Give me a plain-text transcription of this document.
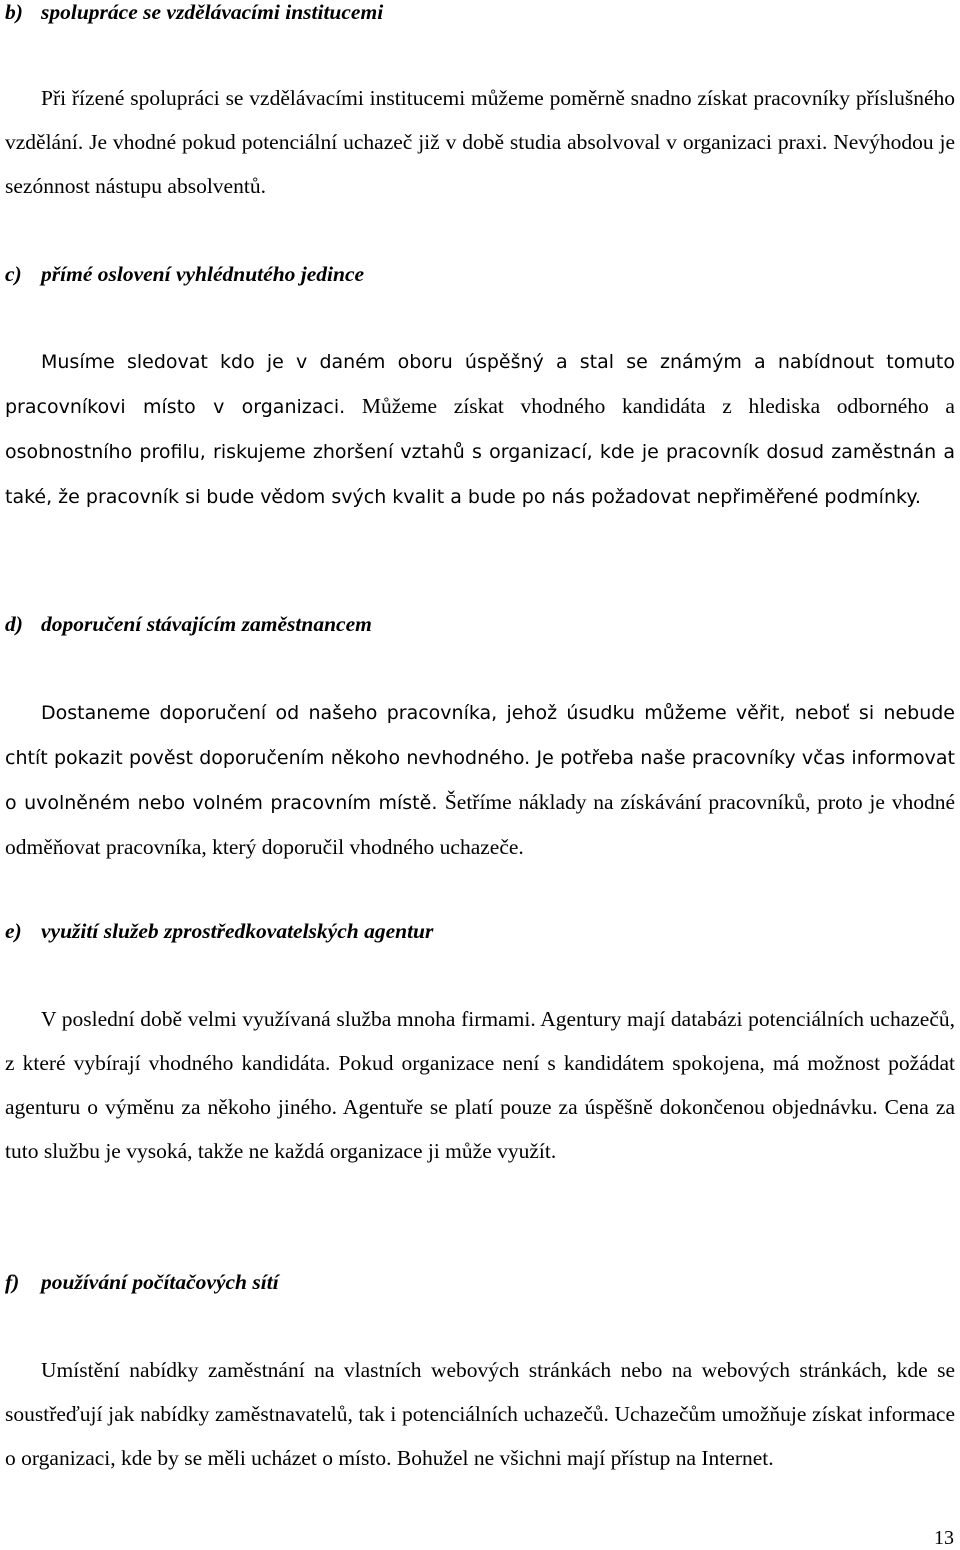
b) spolupráce se vzdělávacími institucemi

Při řízené spolupráci se vzdělávacími institucemi můžeme poměrně snadno získat pracovníky příslušného vzdělání. Je vhodné pokud potenciální uchazeč již v době studia absolvoval v organizaci praxi. Nevýhodou je sezónnost nástupu absolventů.

c) přímé oslovení vyhlédnutého jedince

Musíme sledovat kdo je v daném oboru úspěšný a stal se známým a nabídnout tomuto pracovníkovi místo v organizaci. Můžeme získat vhodného kandidáta z hlediska odborného a osobnostního profilu, riskujeme zhoršení vztahů s organizací, kde je pracovník dosud zaměstnán a také, že pracovník si bude vědom svých kvalit a bude po nás požadovat nepřiměřené podmínky.

d) doporučení stávajícím zaměstnancem

Dostaneme doporučení od našeho pracovníka, jehož úsudku můžeme věřit, neboť si nebude chtít pokazit pověst doporučením někoho nevhodného. Je potřeba naše pracovníky včas informovat o uvolněném nebo volném pracovním místě. Šetříme náklady na získávání pracovníků, proto je vhodné odměňovat pracovníka, který doporučil vhodného uchazeče.

e) využití služeb zprostředkovatelských agentur

V poslední době velmi využívaná služba mnoha firmami. Agentury mají databázi potenciálních uchazečů, z které vybírají vhodného kandidáta. Pokud organizace není s kandidátem spokojena, má možnost požádat agenturu o výměnu za někoho jiného. Agentuře se platí pouze za úspěšně dokončenou objednávku. Cena za tuto službu je vysoká, takže ne každá organizace ji může využít.

f) používání počítačových sítí

Umístění nabídky zaměstnání na vlastních webových stránkách nebo na webových stránkách, kde se soustřeďují jak nabídky zaměstnavatelů, tak i potenciálních uchazečů. Uchazečům umožňuje získat informace o organizaci, kde by se měli ucházet o místo. Bohužel ne všichni mají přístup na Internet.

13
